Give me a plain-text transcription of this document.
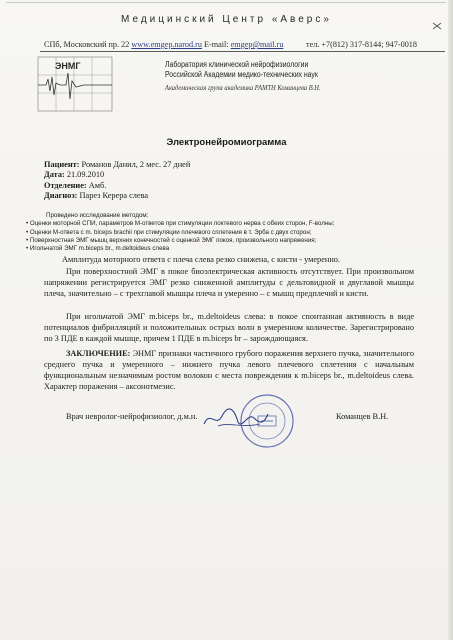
Медицинский Центр «Аверс»
СПб, Московский пр. 22 www.emgep.narod.ru E-mail: emgep@mail.ru	тел. +7(812) 317-8144; 947-0018
ЭНМГ	Лаборатория клинической нейрофизиологии
Российской Академии медико-технических наук
Академическая група академика РАМТН Команцева В.Н.
Электронейромиограмма
Пациент: Романов Данил, 2 мес. 27 дней
Дата: 21.09.2010
Отделение: Амб.
Диагноз: Парез Керера слева
Проведено исследование методом:
• Оценки моторной СПИ, параметров М-ответов при стимуляции локтевого нерва с обеих сторон, F-волны;
• Оценки М-ответа с m. biceps brachii при стимуляции плечевого сплетения в т. Эрба с двух сторон;
• Поверхностная ЭМГ мышц верхних конечностей с оценкой ЭМГ покоя, произвольного напряжения;
• Игольчатой ЭМГ m.biceps br., m.deltoideus слева
Амплитуда моторного ответа с плеча слева резко снижена, с кисти - умеренно.
При поверхностной ЭМГ в покое биоэлектрическая активность отсутствует. При произвольном напряжении регистрируется ЭМГ резко сниженной амплитуды с дельтовидной и двуглавой мышцы плеча, значительно – с трехглавой мышцы плеча и умеренно – с мышц предплечий и кисти.
При игольчатой ЭМГ m.biceps br., m.deltoideus слева: в покое спонтанная активность в виде потенциалов фибрилляций и положительных острых волн в умеренном количестве. Зарегистрировано по 3 ПДЕ в каждой мышце, причем 1 ПДЕ в m.biceps br – зарождающаяся.
ЗАКЛЮЧЕНИЕ: ЭНМГ признаки частичного грубого поражения верхнего пучка, значительного среднего пучка и умеренного – нижнего пучка левого плечевого сплетения с начальным функциональным незначимым ростом волокон с места повреждения к m.biceps br., m.deltoideus слева. Характер поражения – аксонотмезис.
Врач невролог-нейрофизиолог, д.м.н.	Команцев В.Н.
